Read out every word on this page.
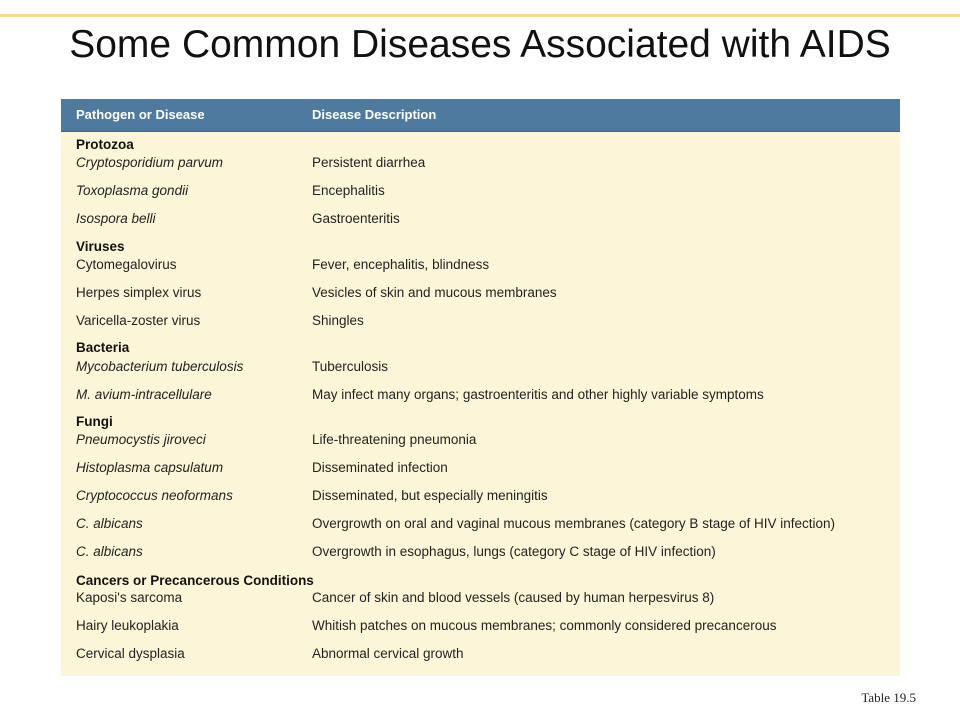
Some Common Diseases Associated with AIDS
Pathogen or Disease	Disease Description
Protozoa
Cryptosporidium parvum	Persistent diarrhea
Toxoplasma gondii	Encephalitis
Isospora belli	Gastroenteritis
Viruses
Cytomegalovirus	Fever, encephalitis, blindness
Herpes simplex virus	Vesicles of skin and mucous membranes
Varicella-zoster virus	Shingles
Bacteria
Mycobacterium tuberculosis	Tuberculosis
M. avium-intracellulare	May infect many organs; gastroenteritis and other highly variable symptoms
Fungi
Pneumocystis jiroveci	Life-threatening pneumonia
Histoplasma capsulatum	Disseminated infection
Cryptococcus neoformans	Disseminated, but especially meningitis
C. albicans	Overgrowth on oral and vaginal mucous membranes (category B stage of HIV infection)
C. albicans	Overgrowth in esophagus, lungs (category C stage of HIV infection)
Cancers or Precancerous Conditions
Kaposi's sarcoma	Cancer of skin and blood vessels (caused by human herpesvirus 8)
Hairy leukoplakia	Whitish patches on mucous membranes; commonly considered precancerous
Cervical dysplasia	Abnormal cervical growth
Table 19.5
